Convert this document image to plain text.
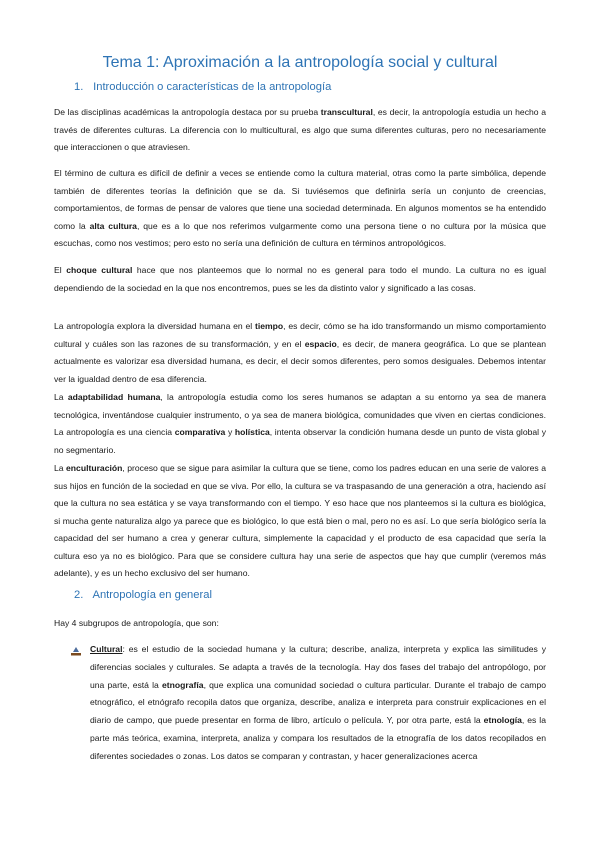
Tema 1: Aproximación a la antropología social y cultural
1. Introducción o características de la antropología

De las disciplinas académicas la antropología destaca por su prueba transcultural, es decir, la antropología estudia un hecho a través de diferentes culturas. La diferencia con lo multicultural, es algo que suma diferentes culturas, pero no necesariamente que interaccionen o que atraviesen.

El término de cultura es difícil de definir a veces se entiende como la cultura material, otras como la parte simbólica, depende también de diferentes teorías la definición que se da. Si tuviésemos que definirla sería un conjunto de creencias, comportamientos, de formas de pensar de valores que tiene una sociedad determinada. En algunos momentos se ha entendido como la alta cultura, que es a lo que nos referimos vulgarmente como una persona tiene o no cultura por la música que escuchas, como nos vestimos; pero esto no sería una definición de cultura en términos antropológicos.

El choque cultural hace que nos planteemos que lo normal no es general para todo el mundo. La cultura no es igual dependiendo de la sociedad en la que nos encontremos, pues se les da distinto valor y significado a las cosas.

La antropología explora la diversidad humana en el tiempo, es decir, cómo se ha ido transformando un mismo comportamiento cultural y cuáles son las razones de su transformación, y en el espacio, es decir, de manera geográfica. Lo que se plantean actualmente es valorizar esa diversidad humana, es decir, el decir somos diferentes, pero somos desiguales. Debemos intentar ver la igualdad dentro de esa diferencia.

La adaptabilidad humana, la antropología estudia como los seres humanos se adaptan a su entorno ya sea de manera tecnológica, inventándose cualquier instrumento, o ya sea de manera biológica, comunidades que viven en ciertas condiciones. La antropología es una ciencia comparativa y holística, intenta observar la condición humana desde un punto de vista global y no segmentario.

La enculturación, proceso que se sigue para asimilar la cultura que se tiene, como los padres educan en una serie de valores a sus hijos en función de la sociedad en que se viva. Por ello, la cultura se va traspasando de una generación a otra, haciendo así que la cultura no sea estática y se vaya transformando con el tiempo. Y eso hace que nos planteemos si la cultura es biológica, si mucha gente naturaliza algo ya parece que es biológico, lo que está bien o mal, pero no es así. Lo que sería biológico sería la capacidad del ser humano a crea y generar cultura, simplemente la capacidad y el producto de esa capacidad que sería la cultura eso ya no es biológico. Para que se considere cultura hay una serie de aspectos que hay que cumplir (veremos más adelante), y es un hecho exclusivo del ser humano.

2. Antropología en general

Hay 4 subgrupos de antropología, que son:

Cultural: es el estudio de la sociedad humana y la cultura; describe, analiza, interpreta y explica las similitudes y diferencias sociales y culturales. Se adapta a través de la tecnología. Hay dos fases del trabajo del antropólogo, por una parte, está la etnografía, que explica una comunidad sociedad o cultura particular. Durante el trabajo de campo etnográfico, el etnógrafo recopila datos que organiza, describe, analiza e interpreta para construir explicaciones en el diario de campo, que puede presentar en forma de libro, artículo o película. Y, por otra parte, está la etnología, es la parte más teórica, examina, interpreta, analiza y compara los resultados de la etnografía de los datos recopilados en diferentes sociedades o zonas. Los datos se comparan y contrastan, y hacer generalizaciones acerca
